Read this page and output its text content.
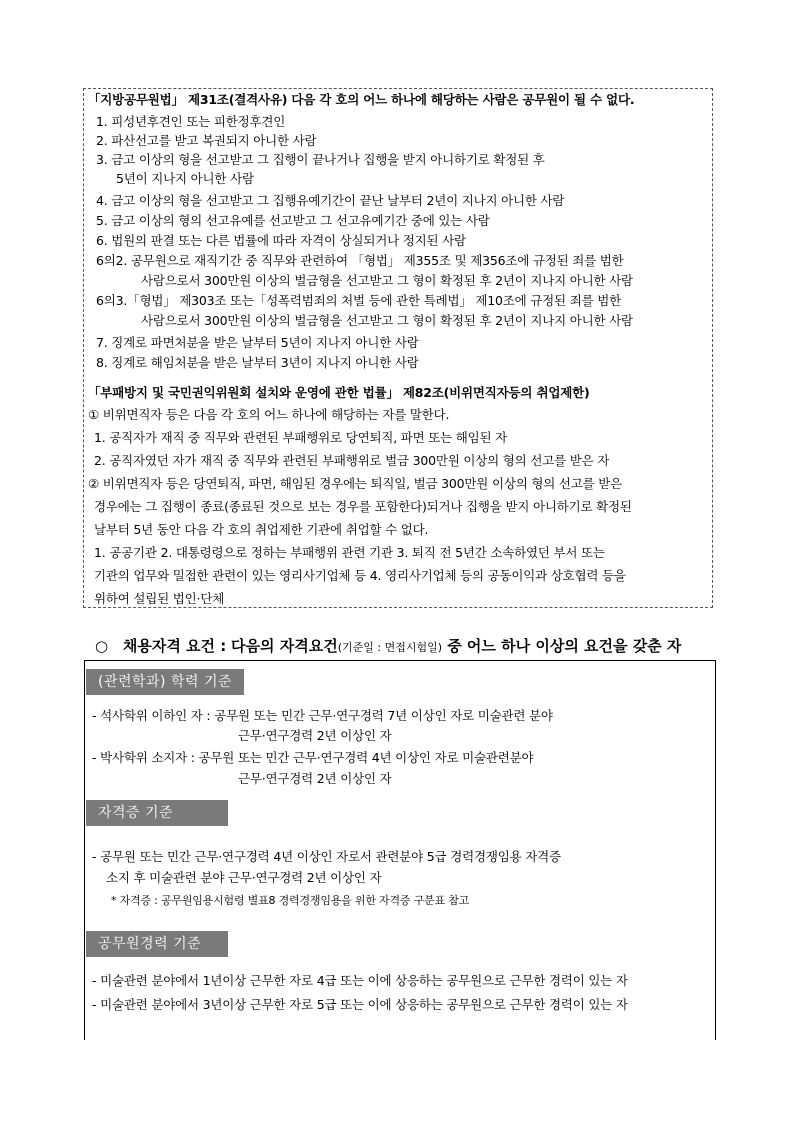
「지방공무원법」 제31조(결격사유) 다음 각 호의 어느 하나에 해당하는 사람은 공무원이 될 수 없다.
1. 피성년후견인 또는 피한정후견인
2. 파산선고를 받고 복권되지 아니한 사람
3. 금고 이상의 형을 선고받고 그 집행이 끝나거나 집행을 받지 아니하기로 확정된 후
5년이 지나지 아니한 사람
4. 금고 이상의 형을 선고받고 그 집행유예기간이 끝난 날부터 2년이 지나지 아니한 사람
5. 금고 이상의 형의 선고유예를 선고받고 그 선고유예기간 중에 있는 사람
6. 법원의 판결 또는 다른 법률에 따라 자격이 상실되거나 정지된 사람
6의2. 공무원으로 재직기간 중 직무와 관련하여 「형법」 제355조 및 제356조에 규정된 죄를 범한
사람으로서 300만원 이상의 벌금형을 선고받고 그 형이 확정된 후 2년이 지나지 아니한 사람
6의3.「형법」 제303조 또는「성폭력범죄의 처벌 등에 관한 특례법」 제10조에 규정된 죄를 범한
사람으로서 300만원 이상의 벌금형을 선고받고 그 형이 확정된 후 2년이 지나지 아니한 사람
7. 징계로 파면처분을 받은 날부터 5년이 지나지 아니한 사람
8. 징계로 해임처분을 받은 날부터 3년이 지나지 아니한 사람
「부패방지 및 국민권익위원회 설치와 운영에 관한 법률」 제82조(비위면직자등의 취업제한)
① 비위면직자 등은 다음 각 호의 어느 하나에 해당하는 자를 말한다.
1. 공직자가 재직 중 직무와 관련된 부패행위로 당연퇴직, 파면 또는 해임된 자
2. 공직자였던 자가 재직 중 직무와 관련된 부패행위로 벌금 300만원 이상의 형의 선고를 받은 자
② 비위면직자 등은 당연퇴직, 파면, 해임된 경우에는 퇴직일, 벌금 300만원 이상의 형의 선고를 받은
경우에는 그 집행이 종료(종료된 것으로 보는 경우를 포함한다)되거나 집행을 받지 아니하기로 확정된
날부터 5년 동안 다음 각 호의 취업제한 기관에 취업할 수 없다.
1. 공공기관 2. 대통령령으로 정하는 부패행위 관련 기관 3. 퇴직 전 5년간 소속하였던 부서 또는
기관의 업무와 밀접한 관련이 있는 영리사기업체 등 4. 영리사기업체 등의 공동이익과 상호협력 등을
위하여 설립된 법인·단체
○ 채용자격 요건 : 다음의 자격요건(기준일 : 면접시험일) 중 어느 하나 이상의 요건을 갖춘 자
(관련학과) 학력 기준
- 석사학위 이하인 자 : 공무원 또는 민간 근무·연구경력 7년 이상인 자로 미술관련 분야
근무·연구경력 2년 이상인 자
- 박사학위 소지자 : 공무원 또는 민간 근무·연구경력 4년 이상인 자로 미술관련분야
근무·연구경력 2년 이상인 자
자격증 기준
- 공무원 또는 민간 근무·연구경력 4년 이상인 자로서 관련분야 5급 경력경쟁임용 자격증
소지 후 미술관련 분야 근무·연구경력 2년 이상인 자
* 자격증 : 공무원임용시험령 별표8 경력경쟁임용을 위한 자격증 구분표 참고
공무원경력 기준
- 미술관련 분야에서 1년이상 근무한 자로 4급 또는 이에 상응하는 공무원으로 근무한 경력이 있는 자
- 미술관련 분야에서 3년이상 근무한 자로 5급 또는 이에 상응하는 공무원으로 근무한 경력이 있는 자
